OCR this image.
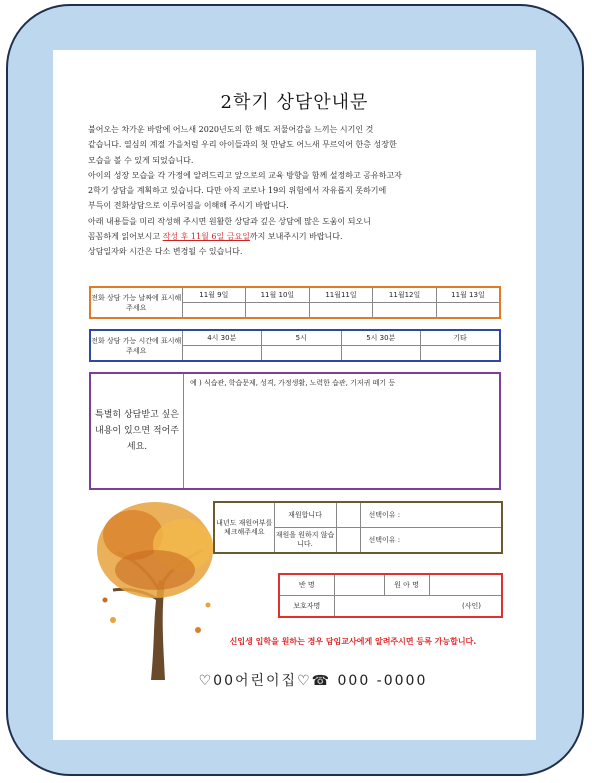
2학기 상담안내문

불어오는 차가운 바람에 어느새 2020년도의 한 해도 저물어감을 느끼는 시기인 것

같습니다. 열심의 계절 가을처럼 우리 아이들과의 첫 만남도 어느새 무르익어 한층 성장한

모습을 볼 수 있게 되었습니다.

아이의 성장 모습을 각 가정에 알려드리고 앞으로의 교육 방향을 함께 설정하고 공유하고자

2학기 상담을 계획하고 있습니다. 다만 아직 코로나 19의 위험에서 자유롭지 못하기에

부득이 전화상담으로 이루어짐을 이해해 주시기 바랍니다.

아래 내용들을 미리 작성해 주시면 원활한 상담과 깊은 상담에 많은 도움이 되오니

꼼꼼하게 읽어보시고 작성 후 11월 6일 금요일까지 보내주시기 바랍니다.

상담일자와 시간은 다소 변경될 수 있습니다.

전화 상담 가능 날짜에 표시해 주세요	11월 9일	11월 10일	11월11일	11월12일	11월 13일

전화 상담 가능 시간에 표시해 주세요	4시 30분	5시	5시 30분	기타

특별히 상담받고 싶은 내용이 있으면 적어주세요.
예 ) 식습관, 학습문제, 성격, 가정생활, 노력한 습관, 기저귀 떼기 등
내년도 재원여부를 체크해주세요	재원합니다		선택이유 :
	재원을 원하지 않습니다.		선택이유 :
반 명		원 아 명	
보호자명	(사인)		
신입생 입학을 원하는 경우 담임교사에게 알려주시면 등록 가능합니다.
♡00어린이집♡☎ 000 -0000
